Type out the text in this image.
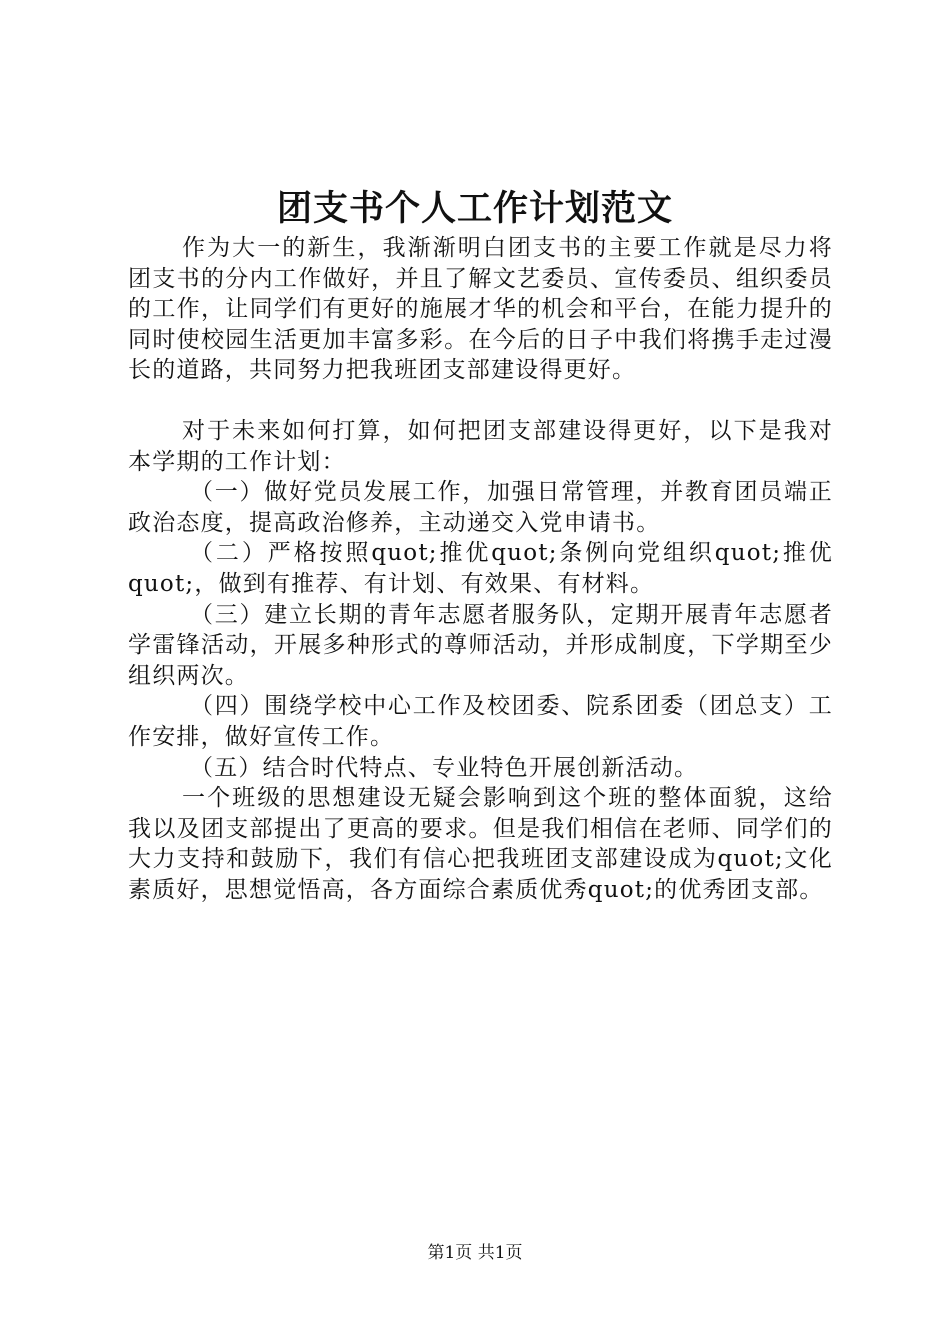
团支书个人工作计划范文

作为大一的新生，我渐渐明白团支书的主要工作就是尽力将团支书的分内工作做好，并且了解文艺委员、宣传委员、组织委员的工作，让同学们有更好的施展才华的机会和平台，在能力提升的同时使校园生活更加丰富多彩。在今后的日子中我们将携手走过漫长的道路，共同努力把我班团支部建设得更好。

对于未来如何打算，如何把团支部建设得更好，以下是我对本学期的工作计划：

（一）做好党员发展工作，加强日常管理，并教育团员端正政治态度，提高政治修养，主动递交入党申请书。

（二）严格按照quot;推优quot;条例向党组织quot;推优quot;，做到有推荐、有计划、有效果、有材料。

（三）建立长期的青年志愿者服务队，定期开展青年志愿者学雷锋活动，开展多种形式的尊师活动，并形成制度，下学期至少组织两次。

（四）围绕学校中心工作及校团委、院系团委（团总支）工作安排，做好宣传工作。

（五）结合时代特点、专业特色开展创新活动。

一个班级的思想建设无疑会影响到这个班的整体面貌，这给我以及团支部提出了更高的要求。但是我们相信在老师、同学们的大力支持和鼓励下，我们有信心把我班团支部建设成为quot;文化素质好，思想觉悟高，各方面综合素质优秀quot;的优秀团支部。

第1页 共1页
